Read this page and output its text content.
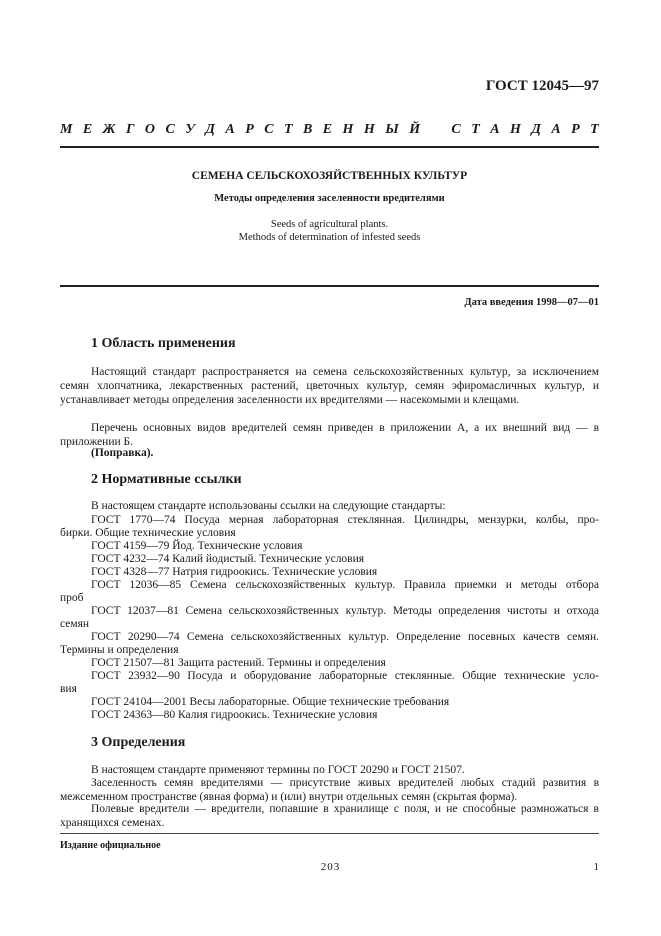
ГОСТ 12045—97
М Е Ж Г О С У Д А Р С Т В Е Н Н Ы Й С Т А Н Д А Р Т
СЕМЕНА СЕЛЬСКОХОЗЯЙСТВЕННЫХ КУЛЬТУР
Методы определения заселенности вредителями
Seeds of agricultural plants.
Methods of determination of infested seeds
Дата введения 1998—07—01
1 Область применения
Настоящий стандарт распространяется на семена сельскохозяйственных культур, за исключением семян хлопчатника, лекарственных растений, цветочных культур, семян эфиромасличных культур, и устанавливает методы определения заселенности их вредителями — насекомыми и клещами.
Перечень основных видов вредителей семян приведен в приложении А, а их внешний вид — в приложении Б.
(Поправка).
2 Нормативные ссылки
В настоящем стандарте использованы ссылки на следующие стандарты:
ГОСТ 1770—74 Посуда мерная лабораторная стеклянная. Цилиндры, мензурки, колбы, про-
бирки. Общие технические условия
ГОСТ 4159—79 Йод. Технические условия
ГОСТ 4232—74 Калий йодистый. Технические условия
ГОСТ 4328—77 Натрия гидроокись. Технические условия
ГОСТ 12036—85 Семена сельскохозяйственных культур. Правила приемки и методы отбора
проб
ГОСТ 12037—81 Семена сельскохозяйственных культур. Методы определения чистоты и отхода
семян
ГОСТ 20290—74 Семена сельскохозяйственных культур. Определение посевных качеств семян.
Термины и определения
ГОСТ 21507—81 Защита растений. Термины и определения
ГОСТ 23932—90 Посуда и оборудование лабораторные стеклянные. Общие технические усло-
вия
ГОСТ 24104—2001 Весы лабораторные. Общие технические требования
ГОСТ 24363—80 Калия гидроокись. Технические условия
3 Определения
В настоящем стандарте применяют термины по ГОСТ 20290 и ГОСТ 21507.
Заселенность семян вредителями — присутствие живых вредителей любых стадий развития в межсеменном пространстве (явная форма) и (или) внутри отдельных семян (скрытая форма).
Полевые вредители — вредители, попавшие в хранилище с поля, и не способные размножаться в хранящихся семенах.
Издание официальное
203	1
